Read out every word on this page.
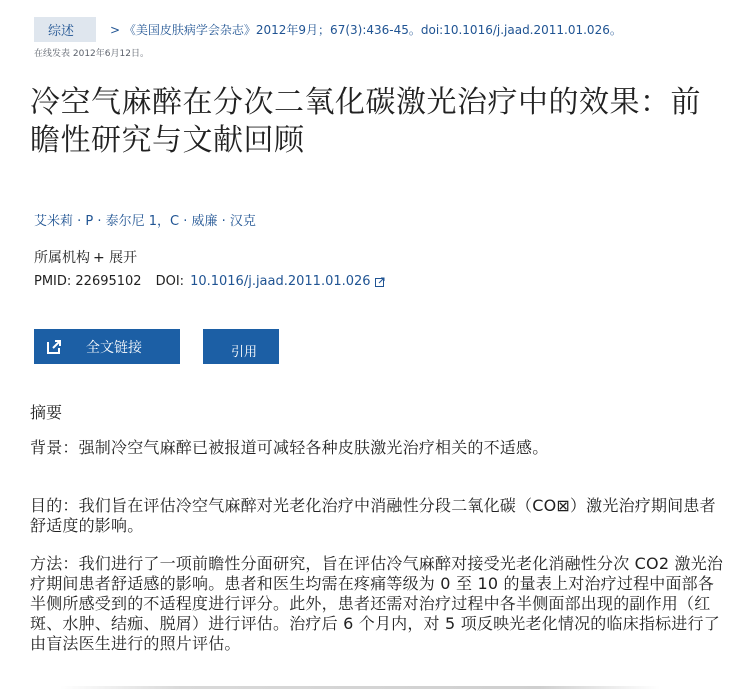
综述	> 《美国皮肤病学会杂志》2012年9月；67(3):436-45。doi:10.1016/j.jaad.2011.01.026。
在线发表 2012年6月12日。
冷空气麻醉在分次二氧化碳激光治疗中的效果：前瞻性研究与文献回顾
艾米莉 · P · 泰尔尼 1，C · 威廉 · 汉克
所属机构 + 展开
PMID: 22695102 DOI: 10.1016/j.jaad.2011.01.026
全文链接	引用
摘要

背景：强制冷空气麻醉已被报道可减轻各种皮肤激光治疗相关的不适感。

目的：我们旨在评估冷空气麻醉对光老化治疗中消融性分段二氧化碳（CO⊠）激光治疗期间患者舒适度的影响。

方法：我们进行了一项前瞻性分面研究，旨在评估冷气麻醉对接受光老化消融性分次 CO2 激光治疗期间患者舒适感的影响。患者和医生均需在疼痛等级为 0 至 10 的量表上对治疗过程中面部各半侧所感受到的不适程度进行评分。此外，患者还需对治疗过程中各半侧面部出现的副作用（红斑、水肿、结痂、脱屑）进行评估。治疗后 6 个月内，对 5 项反映光老化情况的临床指标进行了由盲法医生进行的照片评估。
